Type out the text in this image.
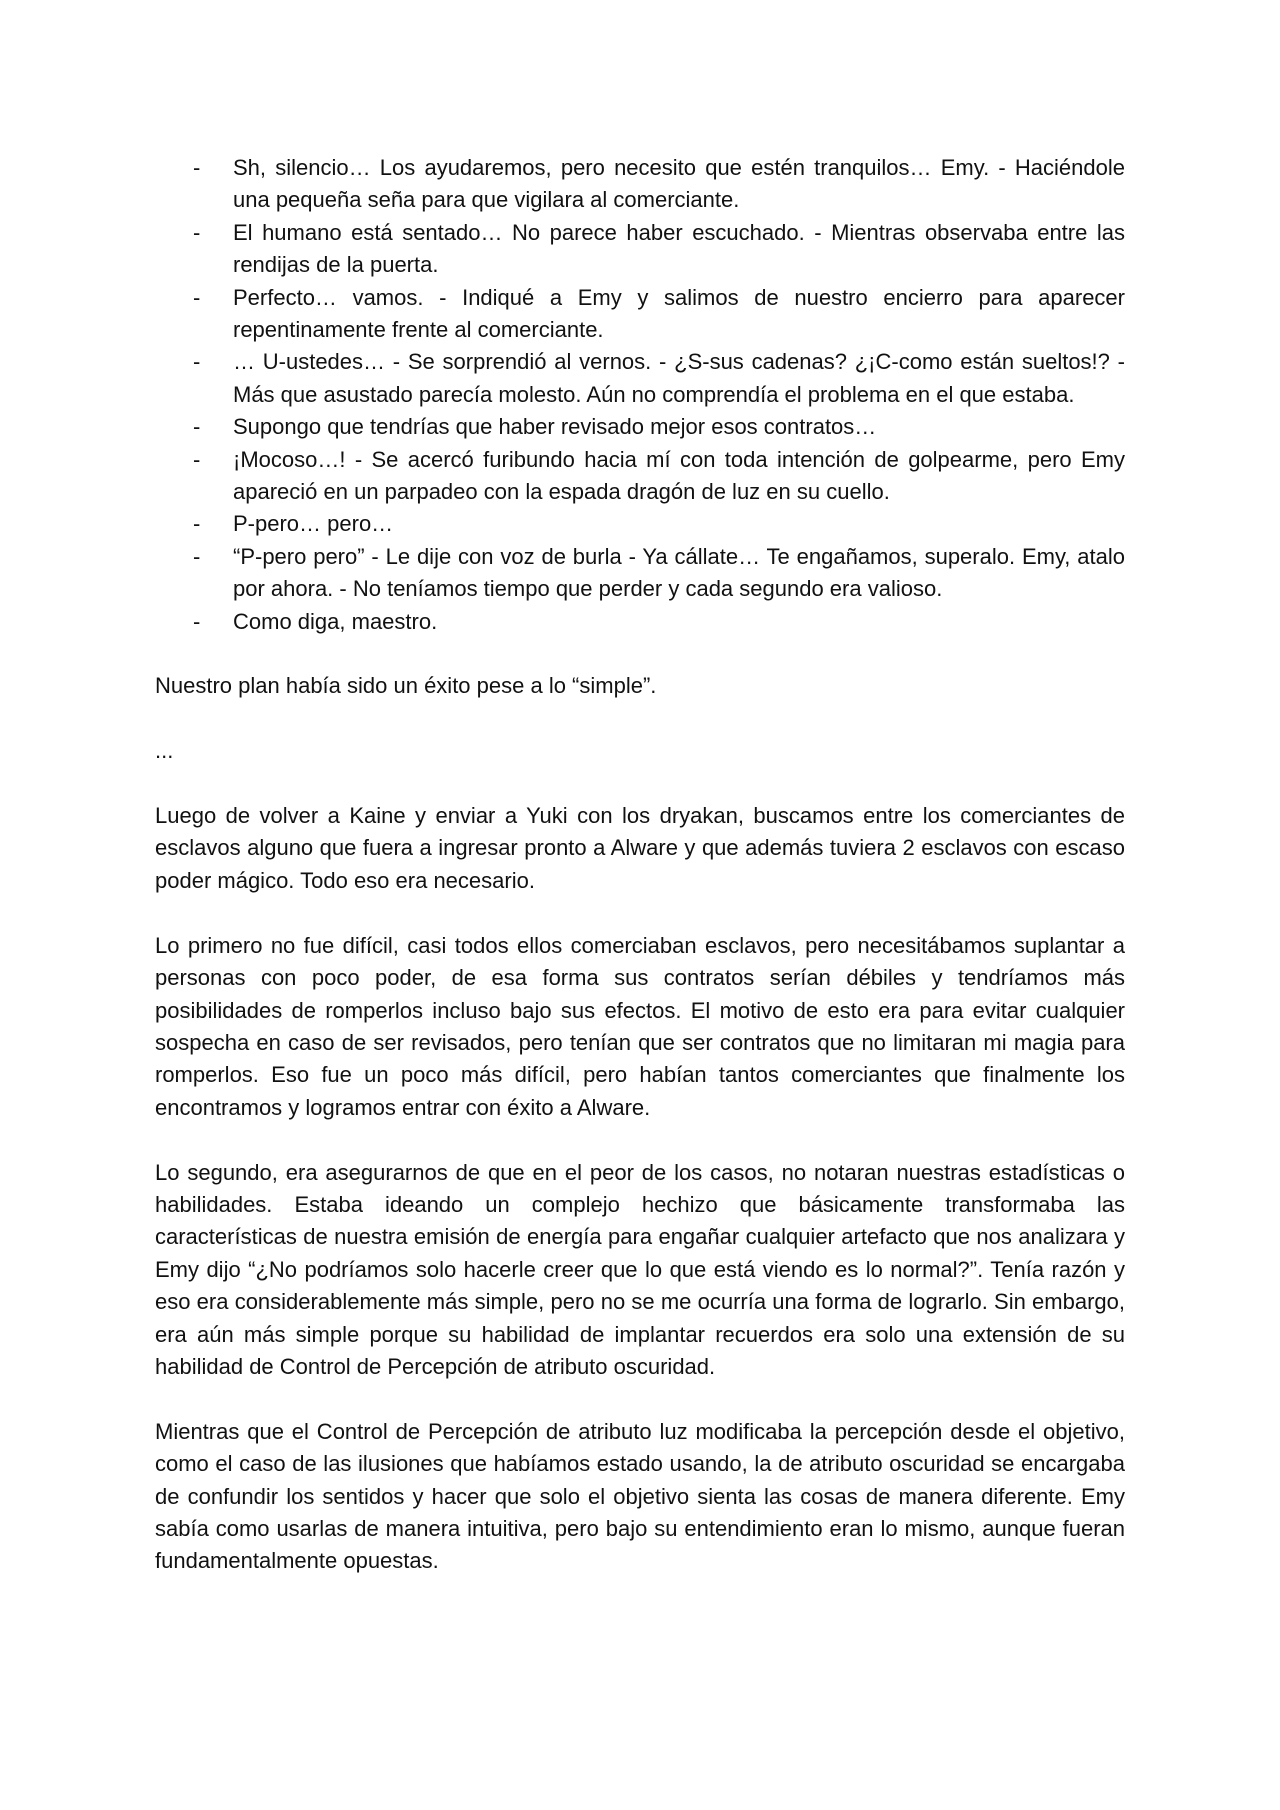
- Sh, silencio… Los ayudaremos, pero necesito que estén tranquilos… Emy. - Haciéndole una pequeña seña para que vigilara al comerciante.

- El humano está sentado… No parece haber escuchado. - Mientras observaba entre las rendijas de la puerta.

- Perfecto… vamos. - Indiqué a Emy y salimos de nuestro encierro para aparecer repentinamente frente al comerciante.

- … U-ustedes… - Se sorprendió al vernos. - ¿S-sus cadenas? ¿¡C-como están sueltos!? - Más que asustado parecía molesto. Aún no comprendía el problema en el que estaba.

- Supongo que tendrías que haber revisado mejor esos contratos…

- ¡Mocoso…! - Se acercó furibundo hacia mí con toda intención de golpearme, pero Emy apareció en un parpadeo con la espada dragón de luz en su cuello.

- P-pero… pero…

- “P-pero pero” - Le dije con voz de burla - Ya cállate… Te engañamos, superalo. Emy, atalo por ahora. - No teníamos tiempo que perder y cada segundo era valioso.

- Como diga, maestro.

Nuestro plan había sido un éxito pese a lo “simple”.

...

Luego de volver a Kaine y enviar a Yuki con los dryakan, buscamos entre los comerciantes de esclavos alguno que fuera a ingresar pronto a Alware y que además tuviera 2 esclavos con escaso poder mágico. Todo eso era necesario.

Lo primero no fue difícil, casi todos ellos comerciaban esclavos, pero necesitábamos suplantar a personas con poco poder, de esa forma sus contratos serían débiles y tendríamos más posibilidades de romperlos incluso bajo sus efectos. El motivo de esto era para evitar cualquier sospecha en caso de ser revisados, pero tenían que ser contratos que no limitaran mi magia para romperlos. Eso fue un poco más difícil, pero habían tantos comerciantes que finalmente los encontramos y logramos entrar con éxito a Alware.

Lo segundo, era asegurarnos de que en el peor de los casos, no notaran nuestras estadísticas o habilidades. Estaba ideando un complejo hechizo que básicamente transformaba las características de nuestra emisión de energía para engañar cualquier artefacto que nos analizara y Emy dijo “¿No podríamos solo hacerle creer que lo que está viendo es lo normal?”. Tenía razón y eso era considerablemente más simple, pero no se me ocurría una forma de lograrlo. Sin embargo, era aún más simple porque su habilidad de implantar recuerdos era solo una extensión de su habilidad de Control de Percepción de atributo oscuridad.

Mientras que el Control de Percepción de atributo luz modificaba la percepción desde el objetivo, como el caso de las ilusiones que habíamos estado usando, la de atributo oscuridad se encargaba de confundir los sentidos y hacer que solo el objetivo sienta las cosas de manera diferente. Emy sabía como usarlas de manera intuitiva, pero bajo su entendimiento eran lo mismo, aunque fueran fundamentalmente opuestas.
